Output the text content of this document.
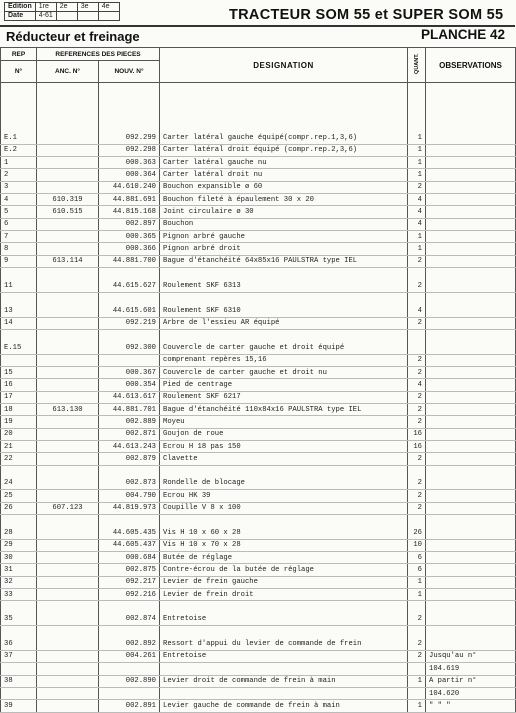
Edition	1re	2e	3e	4e
Date	4-61				TRACTEUR SOM 55 et SUPER SOM 55
Réducteur et freinage	PLANCHE 42
REP	REFERENCES DES PIECES		DESIGNATION	QUANT.	OBSERVATIONS
N°	ANC. N°	NOUV. N°			

E.1		092.299	Carter latéral gauche équipé(compr.rep.1,3,6)	1	
E.2		092.298	Carter latéral droit équipé (compr.rep.2,3,6)	1	
1		000.363	Carter latéral gauche nu	1	
2		000.364	Carter latéral droit nu	1	
3		44.610.240	Bouchon expansible ø 60	2	
4	610.319	44.881.691	Bouchon fileté à épaulement 30 x 20	4	
5	610.515	44.815.168	Joint circulaire ø 30	4	
6		002.897	Bouchon	4	
7		000.365	Pignon arbré gauche	1	
8		000.366	Pignon arbré droit	1	
9	613.114	44.881.700	Bague d'étanchéité 64x85x16 PAULSTRA type IEL	2	

11		44.615.627	Roulement SKF 6313	2	

13		44.615.601	Roulement SKF 6310	4	
14		092.219	Arbre de l'essieu AR équipé	2	

E.15		092.300	Couvercle de carter gauche et droit équipé		
			comprenant repères 15,16	2	
15		000.367	Couvercle de carter gauche et droit nu	2	
16		000.354	Pied de centrage	4	
17		44.613.617	Roulement SKF 6217	2	
18	613.130	44.881.701	Bague d'étanchéité 110x84x16 PAULSTRA type IEL	2	
19		002.889	Moyeu	2	
20		002.871	Goujon de roue	16	
21		44.613.243	Ecrou H 18 pas 150	16	
22		002.879	Clavette	2	

24		002.873	Rondelle de blocage	2	
25		004.790	Ecrou HK 39	2	
26	607.123	44.819.973	Coupille V 8 x 100	2	

28		44.605.435	Vis H 10 x 60 x 28	26	
29		44.605.437	Vis H 10 x 70 x 28	10	
30		000.684	Butée de réglage	6	
31		002.875	Contre-écrou de la butée de réglage	6	
32		092.217	Levier de frein gauche	1	
33		092.216	Levier de frein droit	1	

35		002.874	Entretoise	2	

36		002.892	Ressort d'appui du levier de commande de frein	2	
37		004.261	Entretoise	2	Jusqu'au n°
					104.619
38		002.890	Levier droit de commande de frein à main	1	A partir n°
					104.620
39		002.891	Levier gauche de commande de frein à main	1	" " "
